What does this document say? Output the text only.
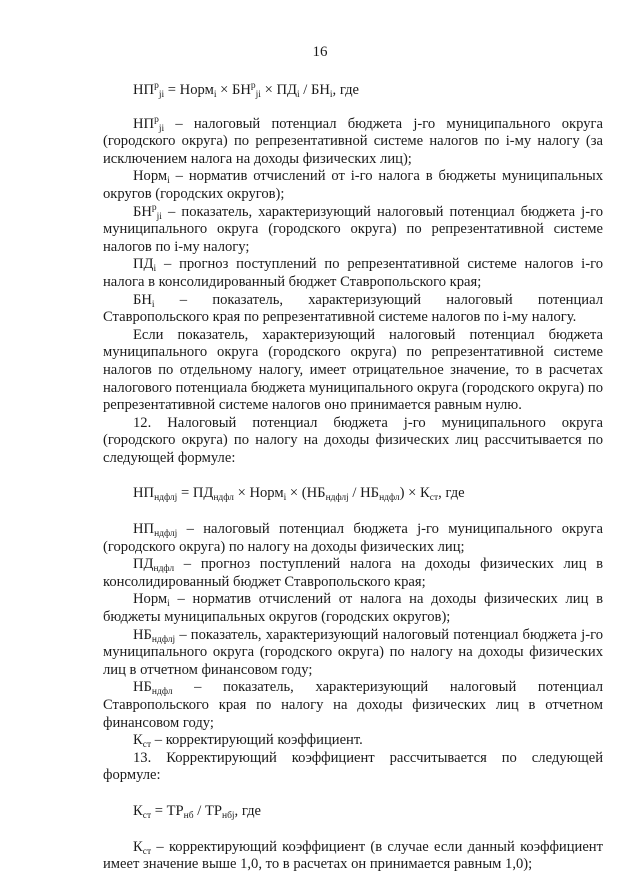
16

$НП^р_{ji}$ = Норм$_i$ × $БН^р_{ji} \times ПД_i / БН_i$, где

$НП^р_{ji}$ – налоговый потенциал бюджета j-го муниципального округа (городского округа) по репрезентативной системе налогов по i-му налогу (за исключением налога на доходы физических лиц);

Норм$_i$ – норматив отчислений от i-го налога в бюджеты муниципальных округов (городских округов);

$БН^р_{ji}$ – показатель, характеризующий налоговый потенциал бюджета j-го муниципального округа (городского округа) по репрезентативной системе налогов по i-му налогу;

$ПД_i$ – прогноз поступлений по репрезентативной системе налогов i-го налога в консолидированный бюджет Ставропольского края;

$БН_i$ – показатель, характеризующий налоговый потенциал Ставропольского края по репрезентативной системе налогов по i-му налогу.

Если показатель, характеризующий налоговый потенциал бюджета муниципального округа (городского округа) по репрезентативной системе налогов по отдельному налогу, имеет отрицательное значение, то в расчетах налогового потенциала бюджета муниципального округа (городского округа) по репрезентативной системе налогов оно принимается равным нулю.

12. Налоговый потенциал бюджета j-го муниципального округа (городского округа) по налогу на доходы физических лиц рассчитывается по следующей формуле:

$НП_{ндфлj} = ПД_{ндфл}$ × Норм$_i$ × $(НБ_{ндфлj} / НБ_{ндфл}) \times К_{ст}$, где

$НП_{ндфлj}$ – налоговый потенциал бюджета j-го муниципального округа (городского округа) по налогу на доходы физических лиц;

$ПД_{ндфл}$ – прогноз поступлений налога на доходы физических лиц в консолидированный бюджет Ставропольского края;

Норм$_i$ – норматив отчислений от налога на доходы физических лиц в бюджеты муниципальных округов (городских округов);

$НБ_{ндфлj}$ – показатель, характеризующий налоговый потенциал бюджета j-го муниципального округа (городского округа) по налогу на доходы физических лиц в отчетном финансовом году;

$НБ_{ндфл}$ – показатель, характеризующий налоговый потенциал Ставропольского края по налогу на доходы физических лиц в отчетном финансовом году;

$К_{ст}$ – корректирующий коэффициент.

13. Корректирующий коэффициент рассчитывается по следующей формуле:

$К_{ст} = ТР_{нб} / ТР_{нбj}$, где

$К_{ст}$ – корректирующий коэффициент (в случае если данный коэффициент имеет значение выше 1,0, то в расчетах он принимается равным 1,0);
